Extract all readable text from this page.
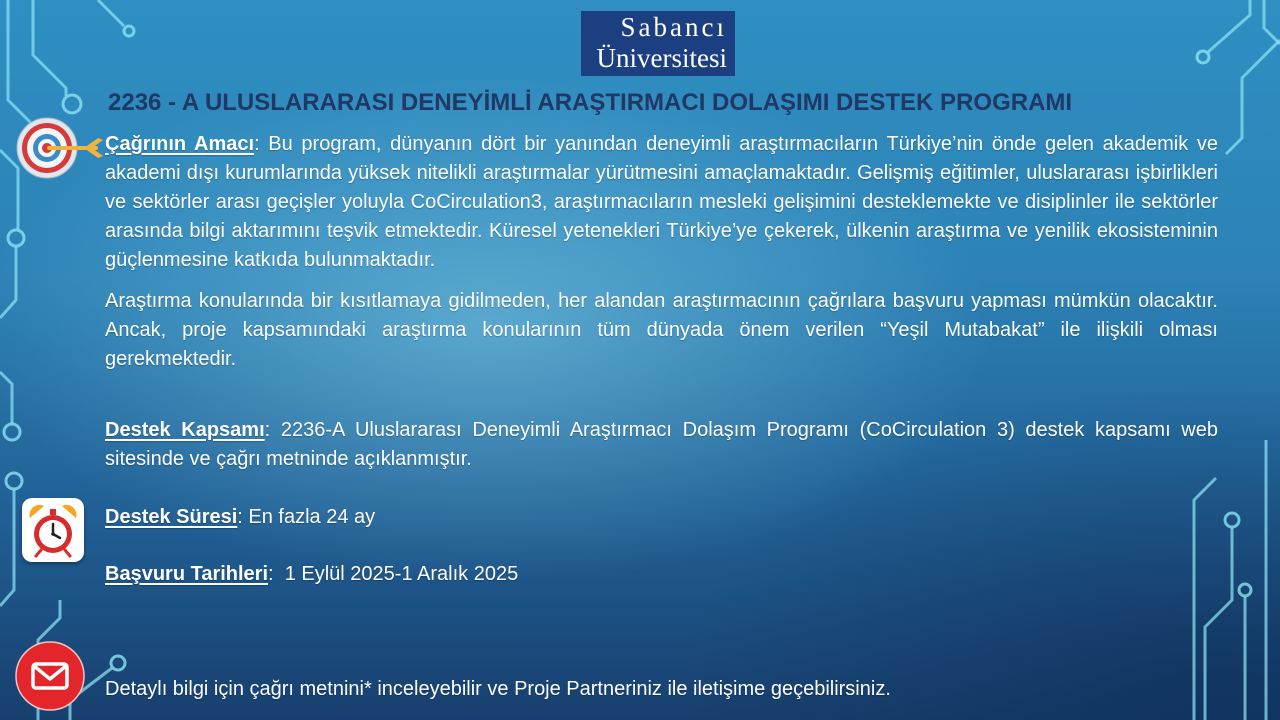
Sabancı
Üniversitesi
2236 - A ULUSLARARASI DENEYİMLİ ARAŞTIRMACI DOLAŞIMI DESTEK PROGRAMI

Çağrının Amacı: Bu program, dünyanın dört bir yanından deneyimli araştırmacıların Türkiye’nin önde gelen akademik ve akademi dışı kurumlarında yüksek nitelikli araştırmalar yürütmesini amaçlamaktadır. Gelişmiş eğitimler, uluslararası işbirlikleri ve sektörler arası geçişler yoluyla CoCirculation3, araştırmacıların mesleki gelişimini desteklemekte ve disiplinler ile sektörler arasında bilgi aktarımını teşvik etmektedir. Küresel yetenekleri Türkiye’ye çekerek, ülkenin araştırma ve yenilik ekosisteminin güçlenmesine katkıda bulunmaktadır.

Araştırma konularında bir kısıtlamaya gidilmeden, her alandan araştırmacının çağrılara başvuru yapması mümkün olacaktır. Ancak, proje kapsamındaki araştırma konularının tüm dünyada önem verilen “Yeşil Mutabakat” ile ilişkili olması gerekmektedir.

Destek Kapsamı: 2236-A Uluslararası Deneyimli Araştırmacı Dolaşım Programı (CoCirculation 3) destek kapsamı web sitesinde ve çağrı metninde açıklanmıştır.

Destek Süresi: En fazla 24 ay

Başvuru Tarihleri:  1 Eylül 2025-1 Aralık 2025

Detaylı bilgi için çağrı metnini* inceleyebilir ve Proje Partneriniz ile iletişime geçebilirsiniz.
